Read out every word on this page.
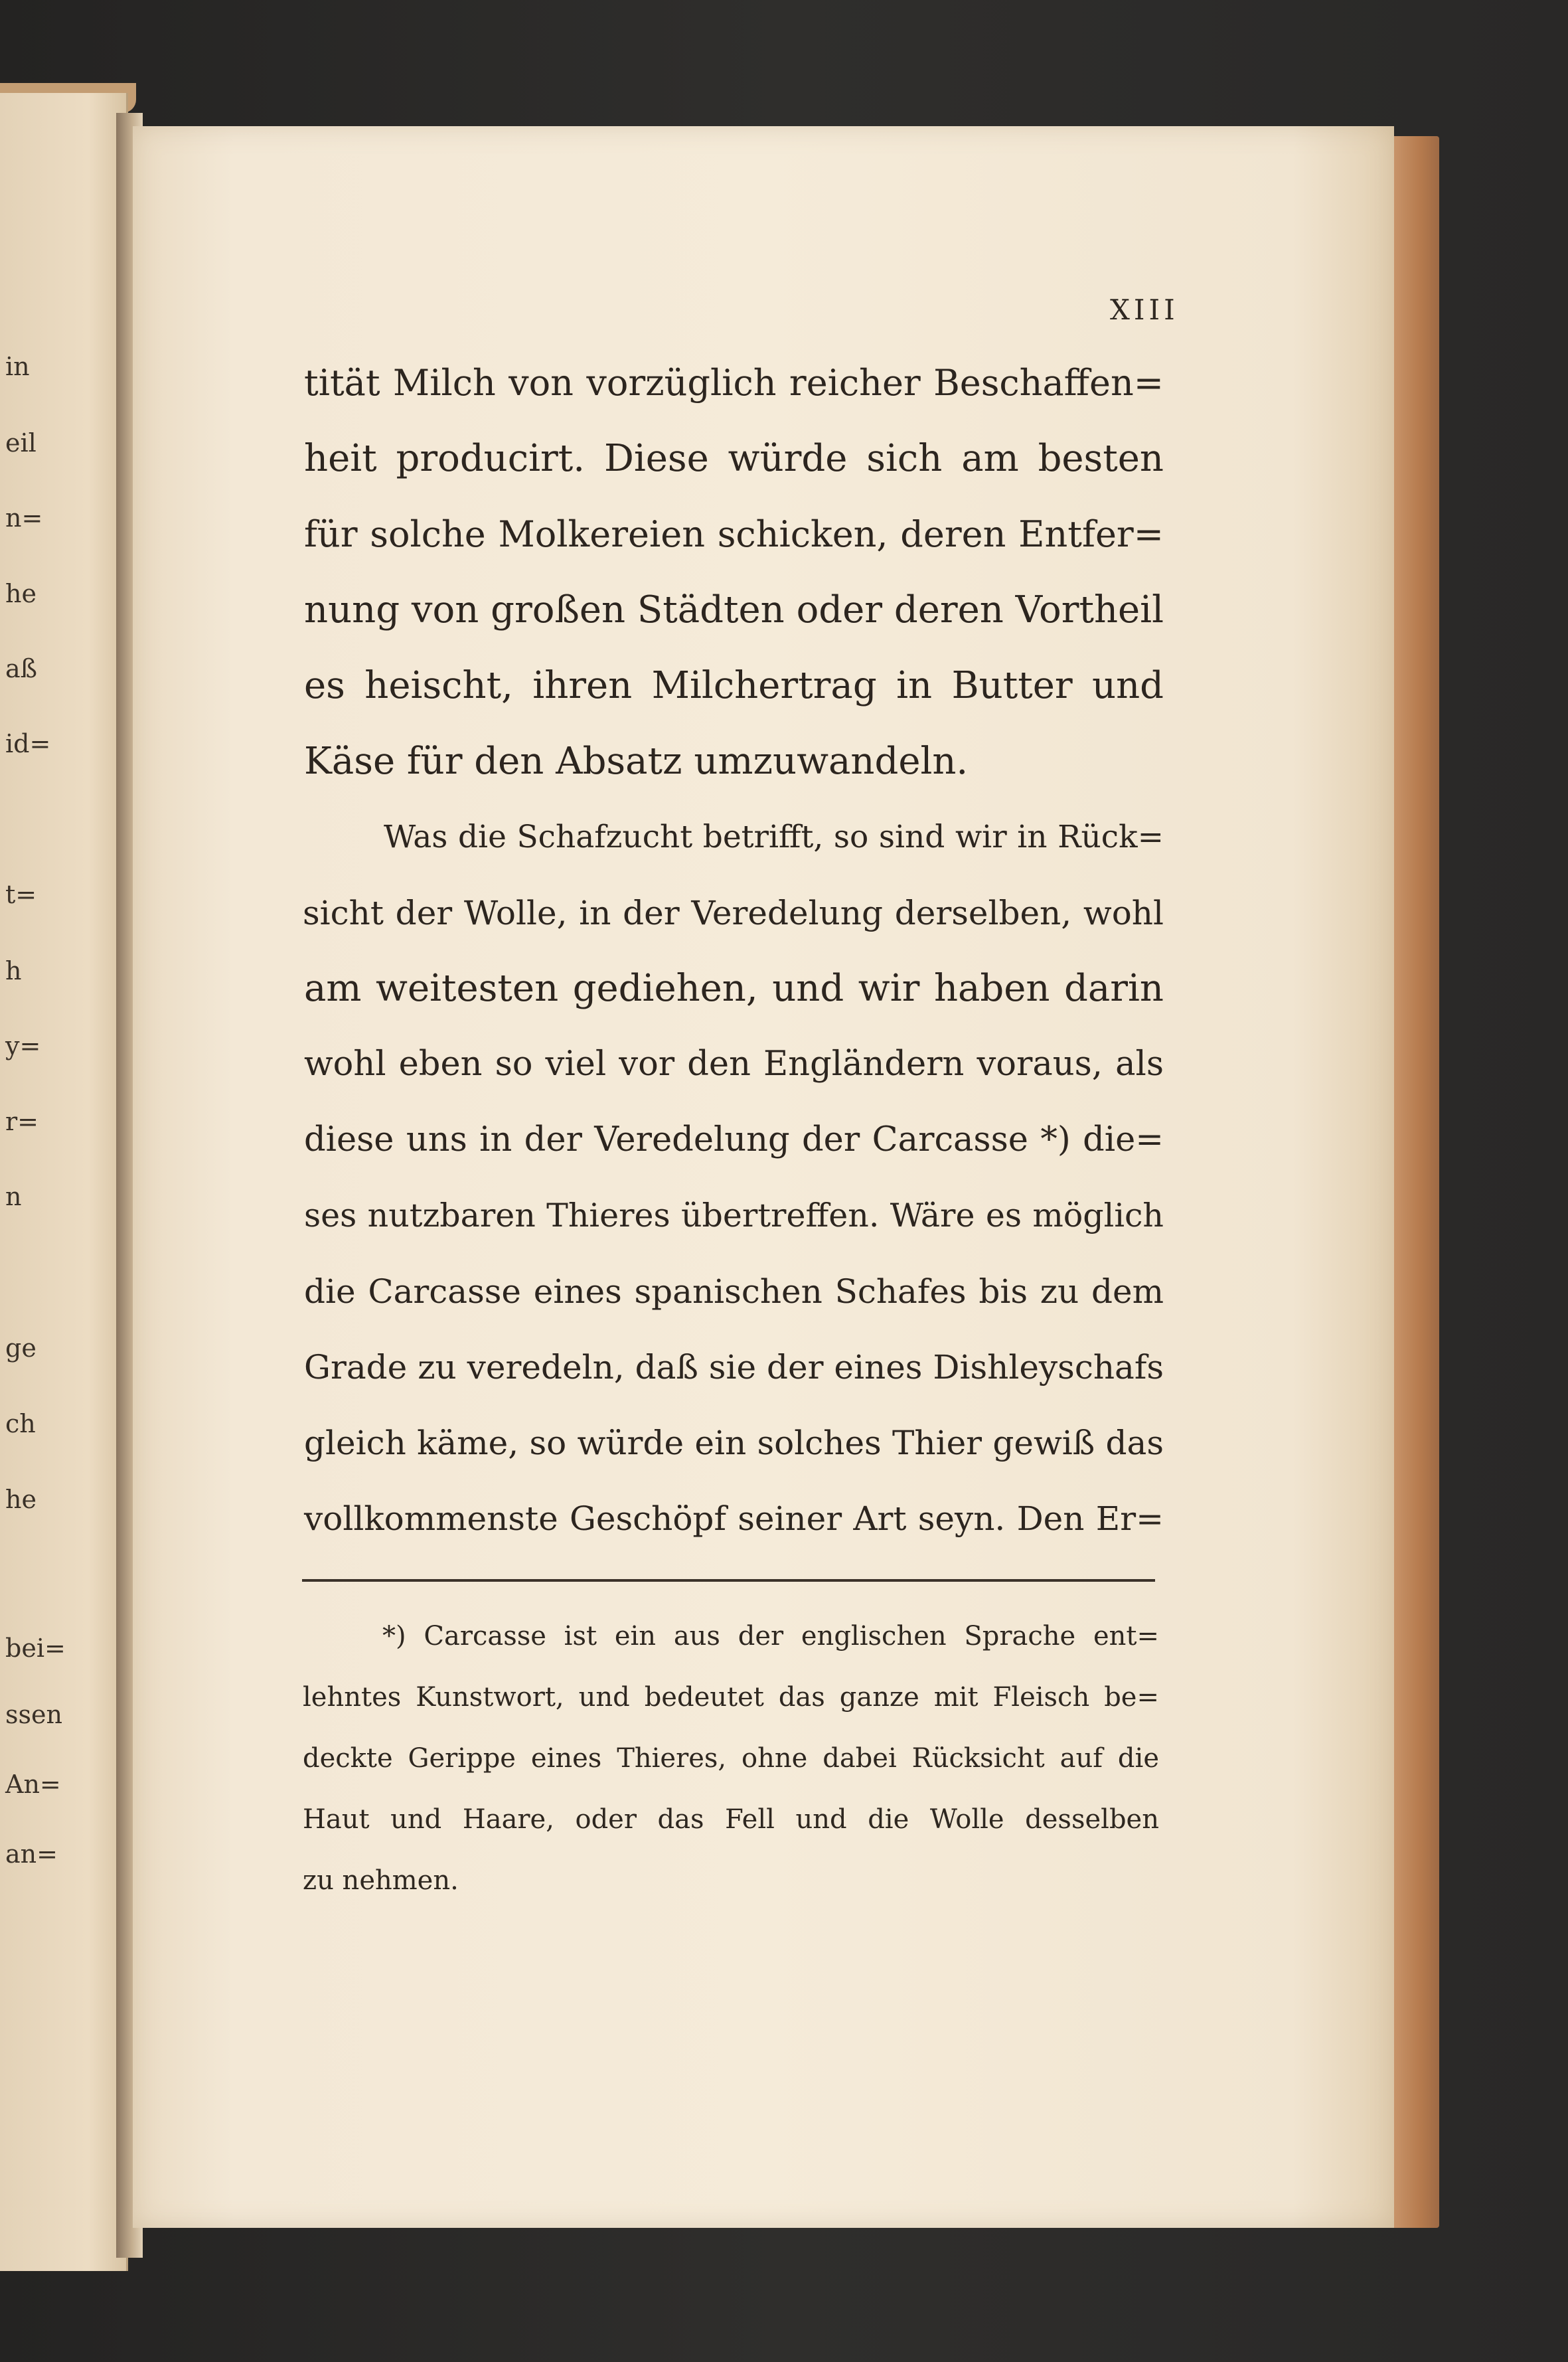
in
eil
n=
he
aß
id=
t=
h
y=
r=
n
ge
ch
he
bei=
ssen
An=
an=
XIII
tität Milch von vorzüglich reicher Beschaffen=
heit producirt. Diese würde sich am besten
für solche Molkereien schicken, deren Entfer=
nung von großen Städten oder deren Vortheil
es heischt, ihren Milchertrag in Butter und
Käse für den Absatz umzuwandeln.
Was die Schafzucht betrifft, so sind wir in Rück=
sicht der Wolle, in der Veredelung derselben, wohl
am weitesten gediehen, und wir haben darin
wohl eben so viel vor den Engländern voraus, als
diese uns in der Veredelung der Carcasse *) die=
ses nutzbaren Thieres übertreffen. Wäre es möglich
die Carcasse eines spanischen Schafes bis zu dem
Grade zu veredeln, daß sie der eines Dishleyschafs
gleich käme, so würde ein solches Thier gewiß das
vollkommenste Geschöpf seiner Art seyn. Den Er=
*) Carcasse ist ein aus der englischen Sprache ent=
lehntes Kunstwort, und bedeutet das ganze mit Fleisch be=
deckte Gerippe eines Thieres, ohne dabei Rücksicht auf die
Haut und Haare, oder das Fell und die Wolle desselben
zu nehmen.
